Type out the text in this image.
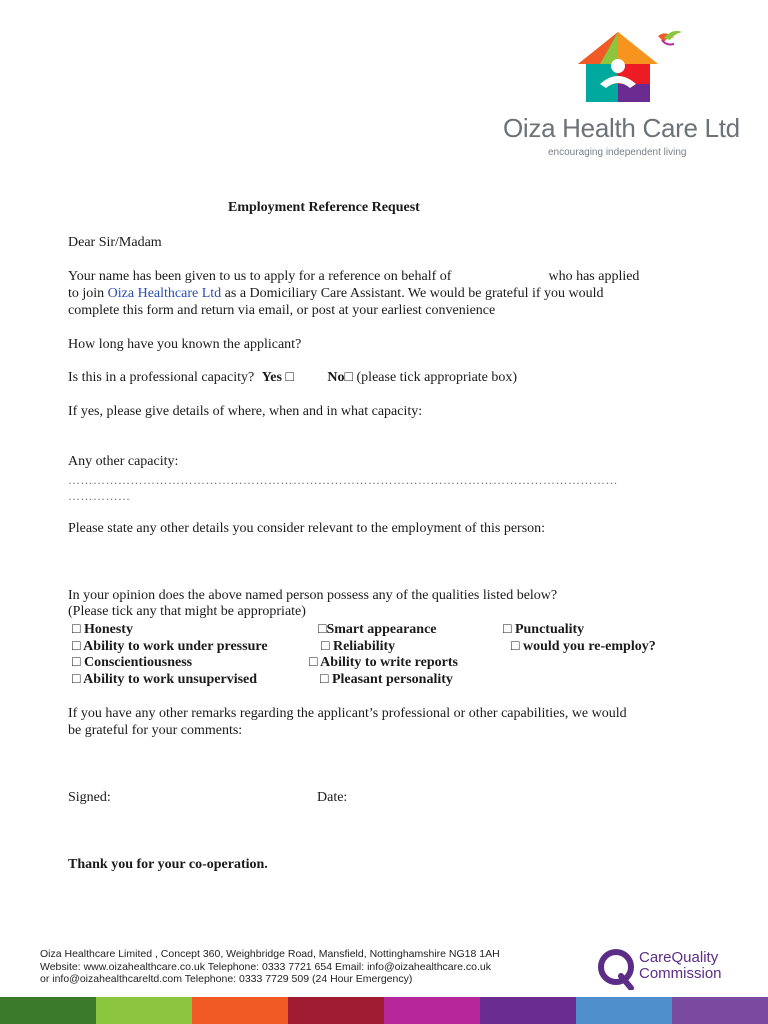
Oiza Health Care Ltd
encouraging independent living
Employment Reference Request
Dear Sir/Madam
Your name has been given to us to apply for a reference on behalf of	who has applied
to join Oiza Healthcare Ltd as a Domiciliary Care Assistant. We would be grateful if you would
complete this form and return via email, or post at your earliest convenience
How long have you known the applicant?
Is this in a professional capacity? Yes □ No□ (please tick appropriate box)
If yes, please give details of where, when and in what capacity:
Any other capacity:
……………………………………………………………………………………………………………………
……………
Please state any other details you consider relevant to the employment of this person:
In your opinion does the above named person possess any of the qualities listed below?
(Please tick any that might be appropriate)
□ Honesty	□Smart appearance	□ Punctuality
□ Ability to work under pressure	□ Reliability	□ would you re-employ?
□ Conscientiousness	□ Ability to write reports
□ Ability to work unsupervised	□ Pleasant personality
If you have any other remarks regarding the applicant’s professional or other capabilities, we would
be grateful for your comments:
Signed:	Date:
Thank you for your co-operation.
Oiza Healthcare Limited , Concept 360, Weighbridge Road, Mansfield, Nottinghamshire NG18 1AH
Website: www.oizahealthcare.co.uk Telephone: 0333 7721 654 Email: info@oizahealthcare.co.uk
or info@oizahealthcareltd.com Telephone: 0333 7729 509 (24 Hour Emergency)
CareQuality
Commission
